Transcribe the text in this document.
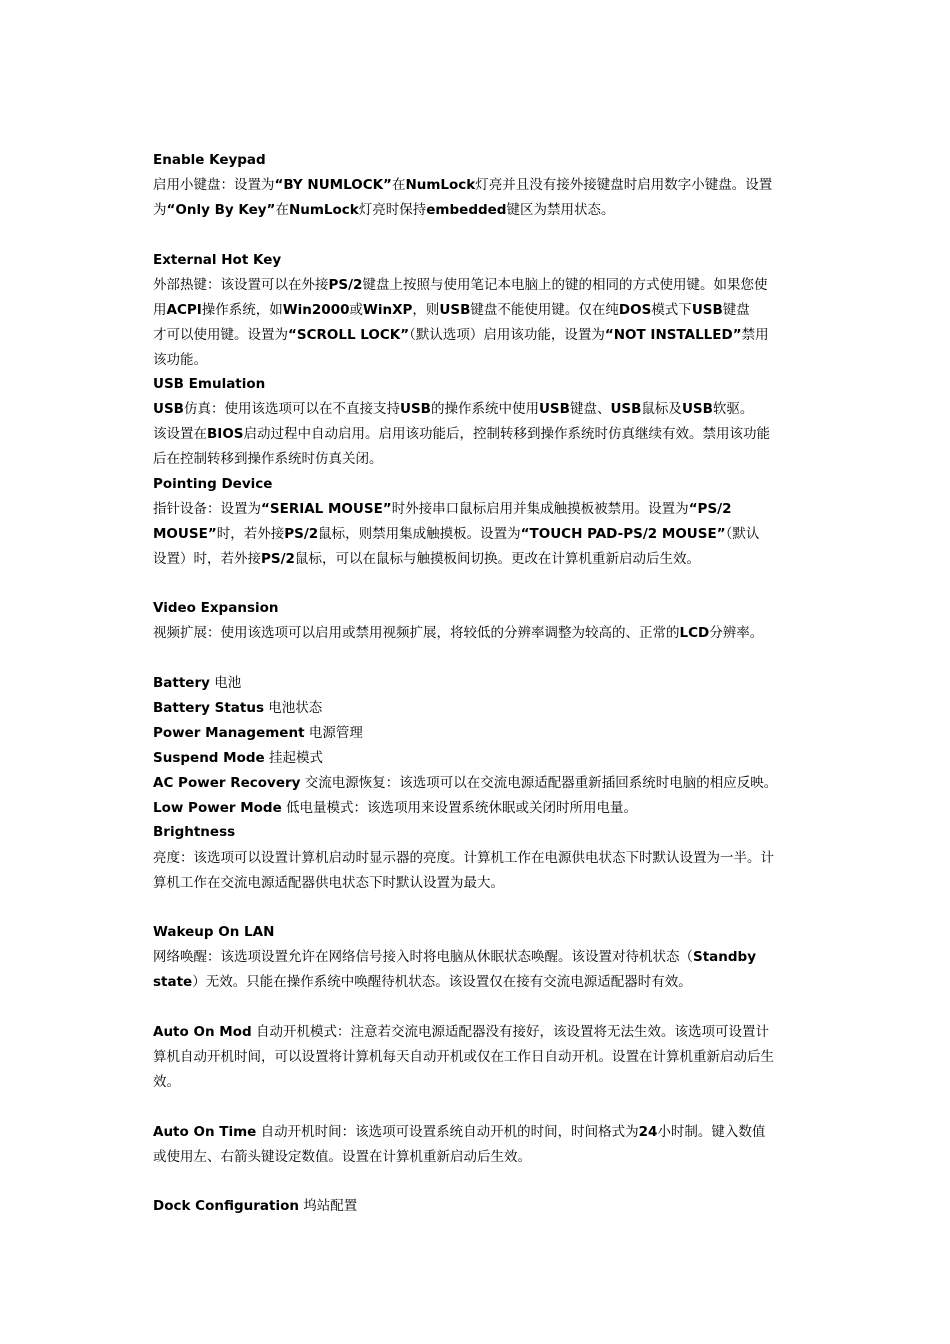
Enable Keypad
启用小键盘：设置为“BY NUMLOCK”在NumLock灯亮并且没有接外接键盘时启用数字小键盘。设置
为“Only By Key”在NumLock灯亮时保持embedded键区为禁用状态。
External Hot Key
外部热键：该设置可以在外接PS/2键盘上按照与使用笔记本电脑上的键的相同的方式使用键。如果您使
用ACPI操作系统，如Win2000或WinXP，则USB键盘不能使用键。仅在纯DOS模式下USB键盘
才可以使用键。设置为“SCROLL LOCK”（默认选项）启用该功能，设置为“NOT INSTALLED”禁用
该功能。
USB Emulation
USB仿真：使用该选项可以在不直接支持USB的操作系统中使用USB键盘、USB鼠标及USB软驱。
该设置在BIOS启动过程中自动启用。启用该功能后，控制转移到操作系统时仿真继续有效。禁用该功能
后在控制转移到操作系统时仿真关闭。
Pointing Device
指针设备：设置为“SERIAL MOUSE”时外接串口鼠标启用并集成触摸板被禁用。设置为“PS/2
MOUSE”时，若外接PS/2鼠标，则禁用集成触摸板。设置为“TOUCH PAD-PS/2 MOUSE”（默认
设置）时，若外接PS/2鼠标，可以在鼠标与触摸板间切换。更改在计算机重新启动后生效。
Video Expansion
视频扩展：使用该选项可以启用或禁用视频扩展，将较低的分辨率调整为较高的、正常的LCD分辨率。
Battery 电池
Battery Status 电池状态
Power Management 电源管理
Suspend Mode 挂起模式
AC Power Recovery 交流电源恢复：该选项可以在交流电源适配器重新插回系统时电脑的相应反映。
Low Power Mode 低电量模式：该选项用来设置系统休眠或关闭时所用电量。
Brightness
亮度：该选项可以设置计算机启动时显示器的亮度。计算机工作在电源供电状态下时默认设置为一半。计
算机工作在交流电源适配器供电状态下时默认设置为最大。
Wakeup On LAN
网络唤醒：该选项设置允许在网络信号接入时将电脑从休眠状态唤醒。该设置对待机状态（Standby
state）无效。只能在操作系统中唤醒待机状态。该设置仅在接有交流电源适配器时有效。
Auto On Mod 自动开机模式：注意若交流电源适配器没有接好，该设置将无法生效。该选项可设置计
算机自动开机时间，可以设置将计算机每天自动开机或仅在工作日自动开机。设置在计算机重新启动后生
效。
Auto On Time 自动开机时间：该选项可设置系统自动开机的时间，时间格式为24小时制。键入数值
或使用左、右箭头键设定数值。设置在计算机重新启动后生效。
Dock Configuration 坞站配置
